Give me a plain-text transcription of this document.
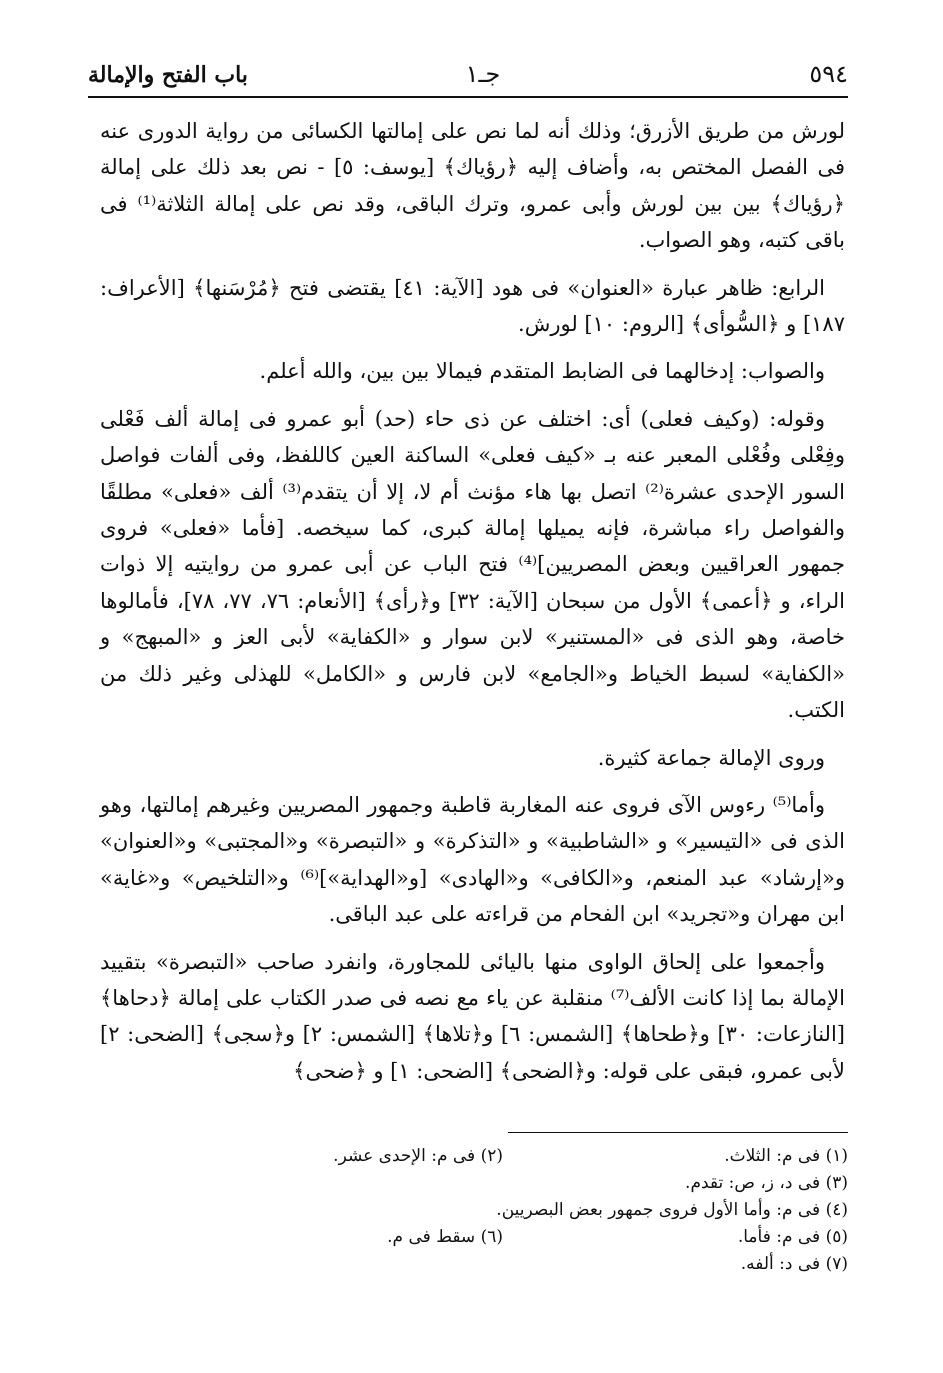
٥٩٤
جـ١
باب الفتح والإمالة

لورش من طريق الأزرق؛ وذلك أنه لما نص على إمالتها الكسائى من رواية الدورى عنه فى الفصل المختص به، وأضاف إليه ﴿رؤياك﴾ [يوسف: ٥] - نص بعد ذلك على إمالة ﴿رؤياك﴾ بين بين لورش وأبى عمرو، وترك الباقى، وقد نص على إمالة الثلاثة⁽¹⁾ فى باقى كتبه، وهو الصواب.

الرابع: ظاهر عبارة «العنوان» فى هود [الآية: ٤١] يقتضى فتح ﴿مُرْسَنها﴾ [الأعراف: ١٨٧] و ﴿السُّوأى﴾ [الروم: ١٠] لورش.

والصواب: إدخالهما فى الضابط المتقدم فيمالا بين بين، والله أعلم.

وقوله: (وكيف فعلى) أى: اختلف عن ذى حاء (حد) أبو عمرو فى إمالة ألف فَعْلى وفِعْلى وفُعْلى المعبر عنه بـ «كيف فعلى» الساكنة العين كاللفظ، وفى ألفات فواصل السور الإحدى عشرة⁽²⁾ اتصل بها هاء مؤنث أم لا، إلا أن يتقدم⁽³⁾ ألف «فعلى» مطلقًا والفواصل راء مباشرة، فإنه يميلها إمالة كبرى، كما سيخصه. [فأما «فعلى» فروى جمهور العراقيين وبعض المصريين]⁽⁴⁾ فتح الباب عن أبى عمرو من روايتيه إلا ذوات الراء، و ﴿أعمى﴾ الأول من سبحان [الآية: ٣٢] و﴿رأى﴾ [الأنعام: ٧٦، ٧٧، ٧٨]، فأمالوها خاصة، وهو الذى فى «المستنير» لابن سوار و «الكفاية» لأبى العز و «المبهج» و «الكفاية» لسبط الخياط و«الجامع» لابن فارس و «الكامل» للهذلى وغير ذلك من الكتب.

وروى الإمالة جماعة كثيرة.

وأما⁽⁵⁾ رءوس الآى فروى عنه المغاربة قاطبة وجمهور المصريين وغيرهم إمالتها، وهو الذى فى «التيسير» و «الشاطبية» و «التذكرة» و «التبصرة» و«المجتبى» و«العنوان» و«إرشاد» عبد المنعم، و«الكافى» و«الهادى» [و«الهداية»]⁽⁶⁾ و«التلخيص» و«غاية» ابن مهران و«تجريد» ابن الفحام من قراءته على عبد الباقى.

وأجمعوا على إلحاق الواوى منها باليائى للمجاورة، وانفرد صاحب «التبصرة» بتقييد الإمالة بما إذا كانت الألف⁽⁷⁾ منقلبة عن ياء مع نصه فى صدر الكتاب على إمالة ﴿دحاها﴾ [النازعات: ٣٠] و﴿طحاها﴾ [الشمس: ٦] و﴿تلاها﴾ [الشمس: ٢] و﴿سجى﴾ [الضحى: ٢] لأبى عمرو، فبقى على قوله: و﴿الضحى﴾ [الضحى: ١] و ﴿ضحى﴾

(١) فى م: الثلاث.
(٢) فى م: الإحدى عشر.
(٣) فى د، ز، ص: تقدم.
(٤) فى م: وأما الأول فروى جمهور بعض البصريين.
(٥) فى م: فأما.
(٦) سقط فى م.
(٧) فى د: ألفه.
